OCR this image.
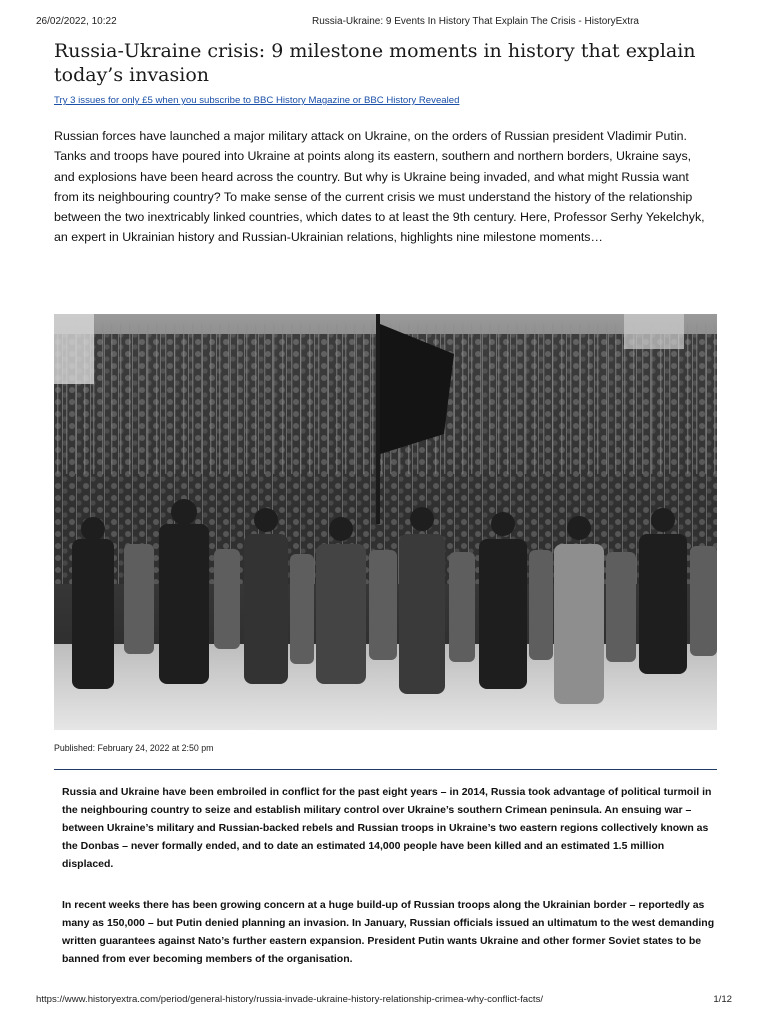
26/02/2022, 10:22	Russia-Ukraine: 9 Events In History That Explain The Crisis - HistoryExtra
Russia-Ukraine crisis: 9 milestone moments in history that explain today’s invasion
Try 3 issues for only £5 when you subscribe to BBC History Magazine or BBC History Revealed

Russian forces have launched a major military attack on Ukraine, on the orders of Russian president Vladimir Putin. Tanks and troops have poured into Ukraine at points along its eastern, southern and northern borders, Ukraine says, and explosions have been heard across the country. But why is Ukraine being invaded, and what might Russia want from its neighbouring country? To make sense of the current crisis we must understand the history of the relationship between the two inextricably linked countries, which dates to at least the 9th century. Here, Professor Serhy Yekelchyk, an expert in Ukrainian history and Russian-Ukrainian relations, highlights nine milestone moments…

Published: February 24, 2022 at 2:50 pm

Russia and Ukraine have been embroiled in conflict for the past eight years – in 2014, Russia took advantage of political turmoil in the neighbouring country to seize and establish military control over Ukraine’s southern Crimean peninsula. An ensuing war – between Ukraine’s military and Russian-backed rebels and Russian troops in Ukraine’s two eastern regions collectively known as the Donbas – never formally ended, and to date an estimated 14,000 people have been killed and an estimated 1.5 million displaced.

In recent weeks there has been growing concern at a huge build-up of Russian troops along the Ukrainian border – reportedly as many as 150,000 – but Putin denied planning an invasion. In January, Russian officials issued an ultimatum to the west demanding written guarantees against Nato’s further eastern expansion. President Putin wants Ukraine and other former Soviet states to be banned from ever becoming members of the organisation.

https://www.historyextra.com/period/general-history/russia-invade-ukraine-history-relationship-crimea-why-conflict-facts/	1/12
